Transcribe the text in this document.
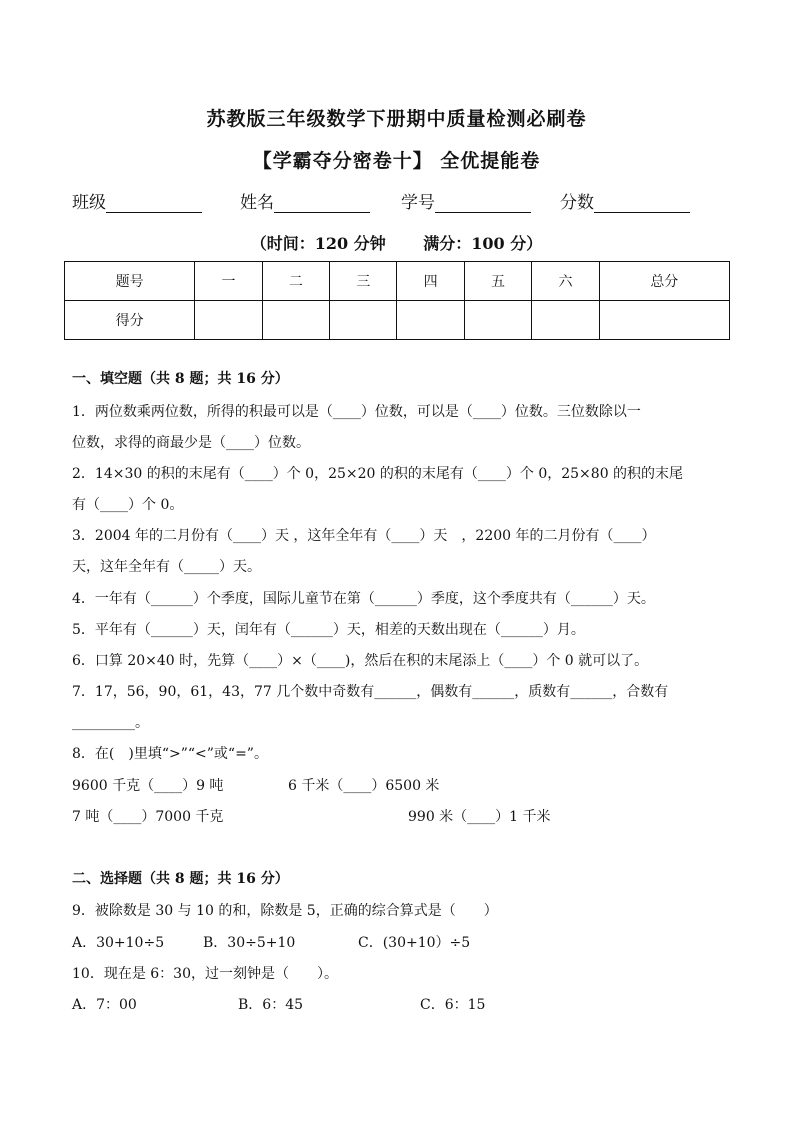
苏教版三年级数学下册期中质量检测必刷卷
【学霸夺分密卷十】 全优提能卷
班级	姓名	学号	分数
（时间：120 分钟　　 满分：100 分）
题号	一	二	三	四	五	六	总分
得分							
一、填空题（共 8 题；共 16 分）
1．两位数乘两位数，所得的积最可以是（____）位数，可以是（____）位数。三位数除以一
位数，求得的商最少是（____）位数。
2．14×30 的积的末尾有（____）个 0，25×20 的积的末尾有（____）个 0，25×80 的积的末尾
有（____）个 0。
3．2004 年的二月份有（____）天 ，这年全年有（____）天　，2200 年的二月份有（____）
天，这年全年有（_____）天。
4．一年有（______）个季度，国际儿童节在第（______）季度，这个季度共有（______）天。
5．平年有（______）天，闰年有（______）天，相差的天数出现在（______）月。
6．口算 20×40 时，先算（____）×（____)，然后在积的末尾添上（____）个 0 就可以了。
7．17，56，90，61，43，77 几个数中奇数有______，偶数有______，质数有______，合数有
_________。
8．在(　)里填“>”“<”或“=”。
9600 千克（____）9 吨	6 千米（____）6500 米
7 吨（____）7000 千克	990 米（____）1 千米
二、选择题（共 8 题；共 16 分）
9．被除数是 30 与 10 的和，除数是 5，正确的综合算式是（　　）
A．30+10÷5	B．30÷5+10	C．(30+10）÷5
10．现在是 6：30，过一刻钟是（　　）。
A．7：00	B．6：45	C．6：15
